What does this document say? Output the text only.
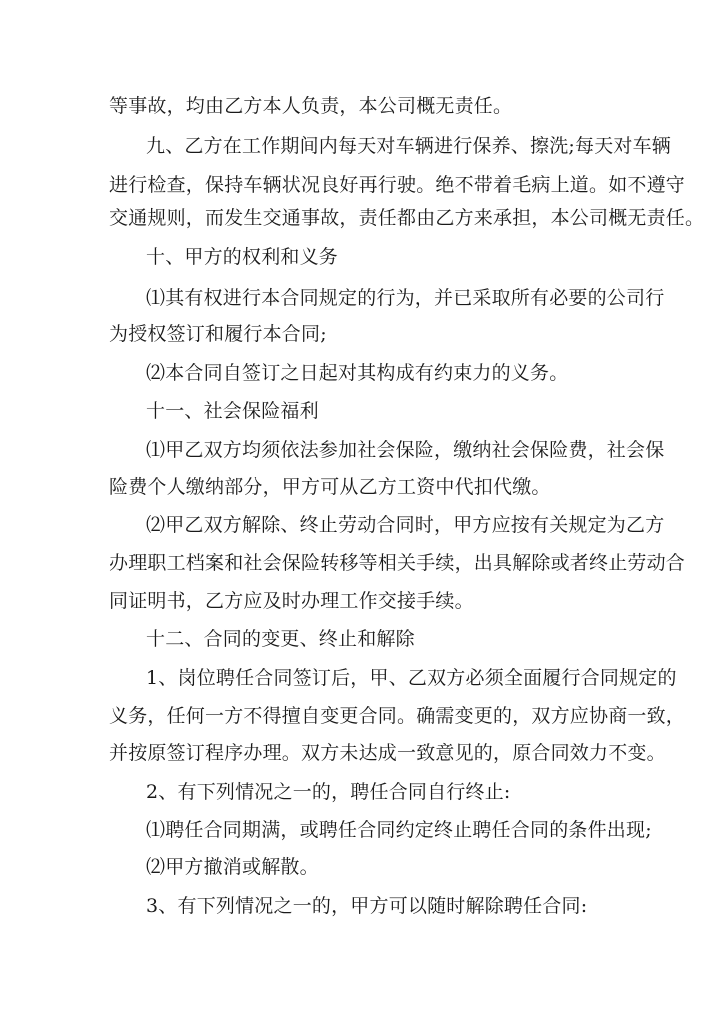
等事故，均由乙方本人负责，本公司概无责任。
九、乙方在工作期间内每天对车辆进行保养、擦洗;每天对车辆
进行检查，保持车辆状况良好再行驶。绝不带着毛病上道。如不遵守
交通规则，而发生交通事故，责任都由乙方来承担，本公司概无责任。
十、甲方的权利和义务
⑴其有权进行本合同规定的行为，并已采取所有必要的公司行
为授权签订和履行本合同;
⑵本合同自签订之日起对其构成有约束力的义务。
十一、社会保险福利
⑴甲乙双方均须依法参加社会保险，缴纳社会保险费，社会保
险费个人缴纳部分，甲方可从乙方工资中代扣代缴。
⑵甲乙双方解除、终止劳动合同时，甲方应按有关规定为乙方
办理职工档案和社会保险转移等相关手续，出具解除或者终止劳动合
同证明书，乙方应及时办理工作交接手续。
十二、合同的变更、终止和解除
1、岗位聘任合同签订后，甲、乙双方必须全面履行合同规定的
义务，任何一方不得擅自变更合同。确需变更的，双方应协商一致，
并按原签订程序办理。双方未达成一致意见的，原合同效力不变。
2、有下列情况之一的，聘任合同自行终止:
⑴聘任合同期满，或聘任合同约定终止聘任合同的条件出现;
⑵甲方撤消或解散。
3、有下列情况之一的，甲方可以随时解除聘任合同:
